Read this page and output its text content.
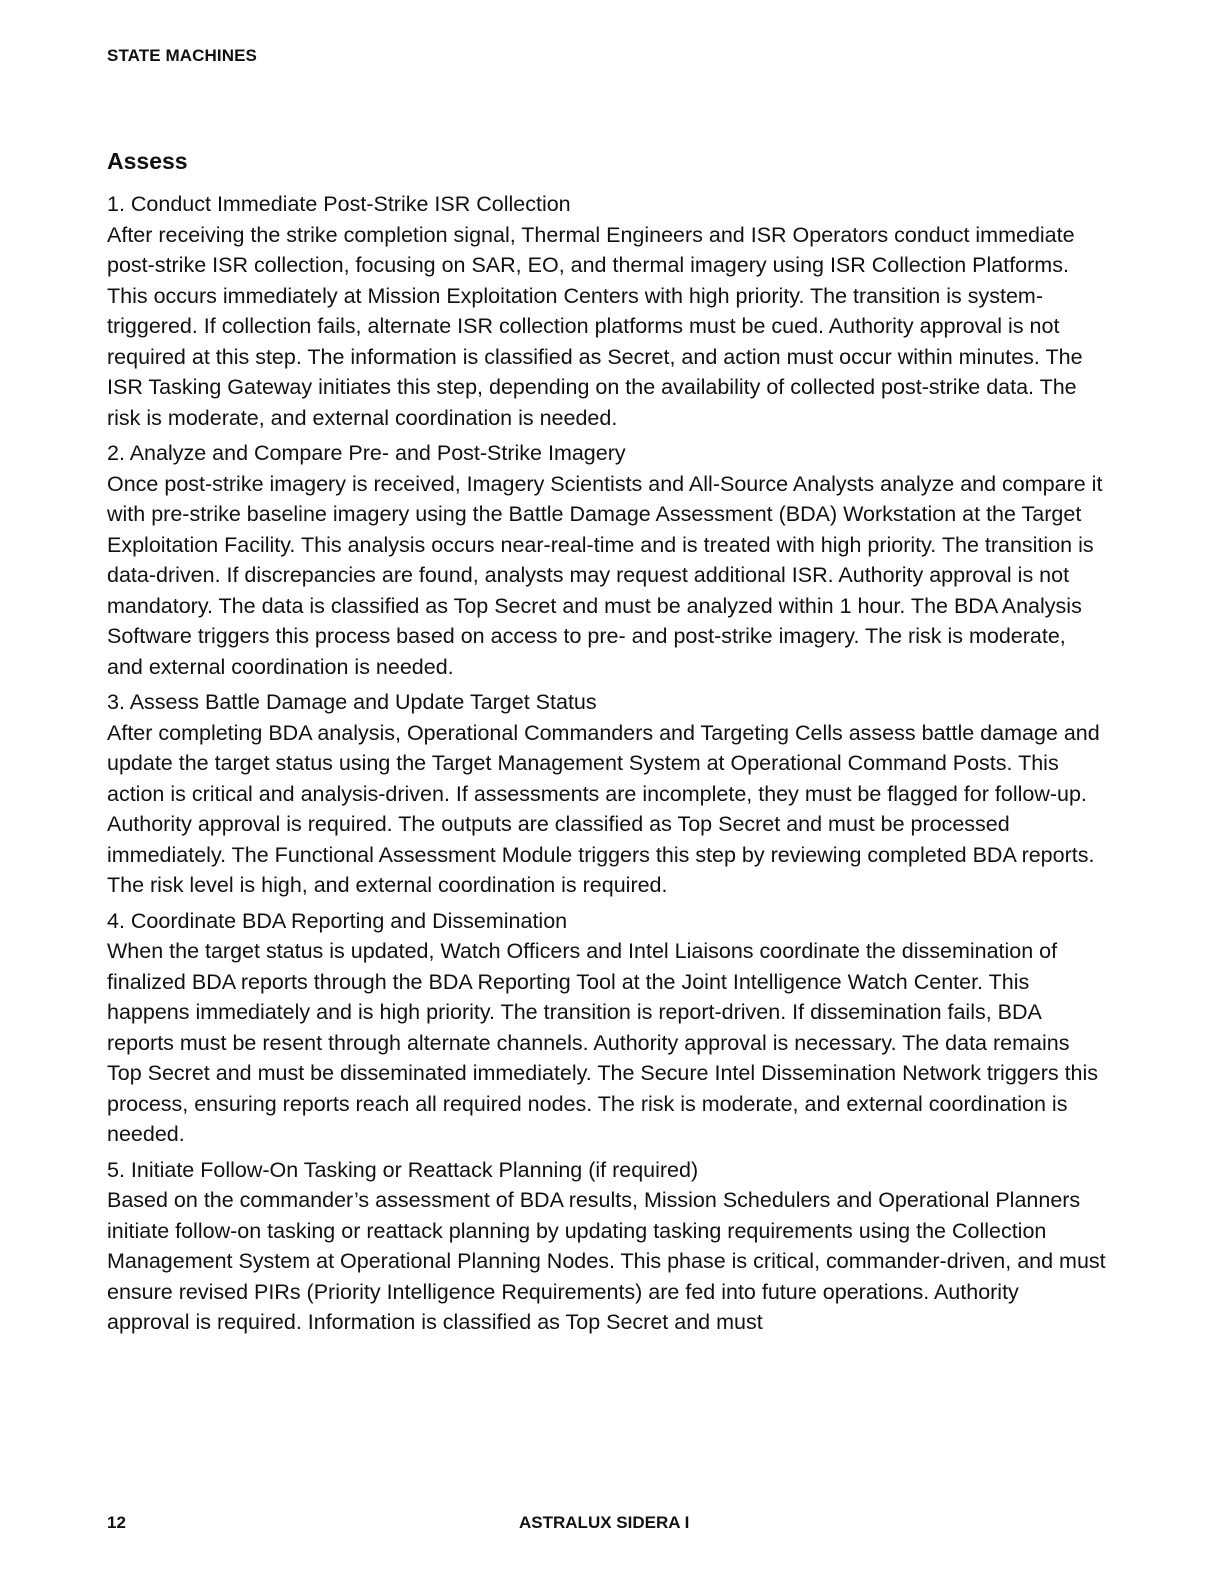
STATE MACHINES
Assess

1. Conduct Immediate Post-Strike ISR Collection

After receiving the strike completion signal, Thermal Engineers and ISR Operators conduct immediate post-strike ISR collection, focusing on SAR, EO, and thermal imagery using ISR Collection Platforms. This occurs immediately at Mission Exploitation Centers with high priority. The transition is system-triggered. If collection fails, alternate ISR collection platforms must be cued. Authority approval is not required at this step. The information is classified as Secret, and action must occur within minutes. The ISR Tasking Gateway initiates this step, depending on the availability of collected post-strike data. The risk is moderate, and external coordination is needed.

2. Analyze and Compare Pre- and Post-Strike Imagery

Once post-strike imagery is received, Imagery Scientists and All-Source Analysts analyze and compare it with pre-strike baseline imagery using the Battle Damage Assessment (BDA) Workstation at the Target Exploitation Facility. This analysis occurs near-real-time and is treated with high priority. The transition is data-driven. If discrepancies are found, analysts may request additional ISR. Authority approval is not mandatory. The data is classified as Top Secret and must be analyzed within 1 hour. The BDA Analysis Software triggers this process based on access to pre- and post-strike imagery. The risk is moderate, and external coordination is needed.

3. Assess Battle Damage and Update Target Status

After completing BDA analysis, Operational Commanders and Targeting Cells assess battle damage and update the target status using the Target Management System at Operational Command Posts. This action is critical and analysis-driven. If assessments are incomplete, they must be flagged for follow-up. Authority approval is required. The outputs are classified as Top Secret and must be processed immediately. The Functional Assessment Module triggers this step by reviewing completed BDA reports. The risk level is high, and external coordination is required.

4. Coordinate BDA Reporting and Dissemination

When the target status is updated, Watch Officers and Intel Liaisons coordinate the dissemination of finalized BDA reports through the BDA Reporting Tool at the Joint Intelligence Watch Center. This happens immediately and is high priority. The transition is report-driven. If dissemination fails, BDA reports must be resent through alternate channels. Authority approval is necessary. The data remains Top Secret and must be disseminated immediately. The Secure Intel Dissemination Network triggers this process, ensuring reports reach all required nodes. The risk is moderate, and external coordination is needed.

5. Initiate Follow-On Tasking or Reattack Planning (if required)

Based on the commander’s assessment of BDA results, Mission Schedulers and Operational Planners initiate follow-on tasking or reattack planning by updating tasking requirements using the Collection Management System at Operational Planning Nodes. This phase is critical, commander-driven, and must ensure revised PIRs (Priority Intelligence Requirements) are fed into future operations. Authority approval is required. Information is classified as Top Secret and must

12	ASTRALUX SIDERA I
